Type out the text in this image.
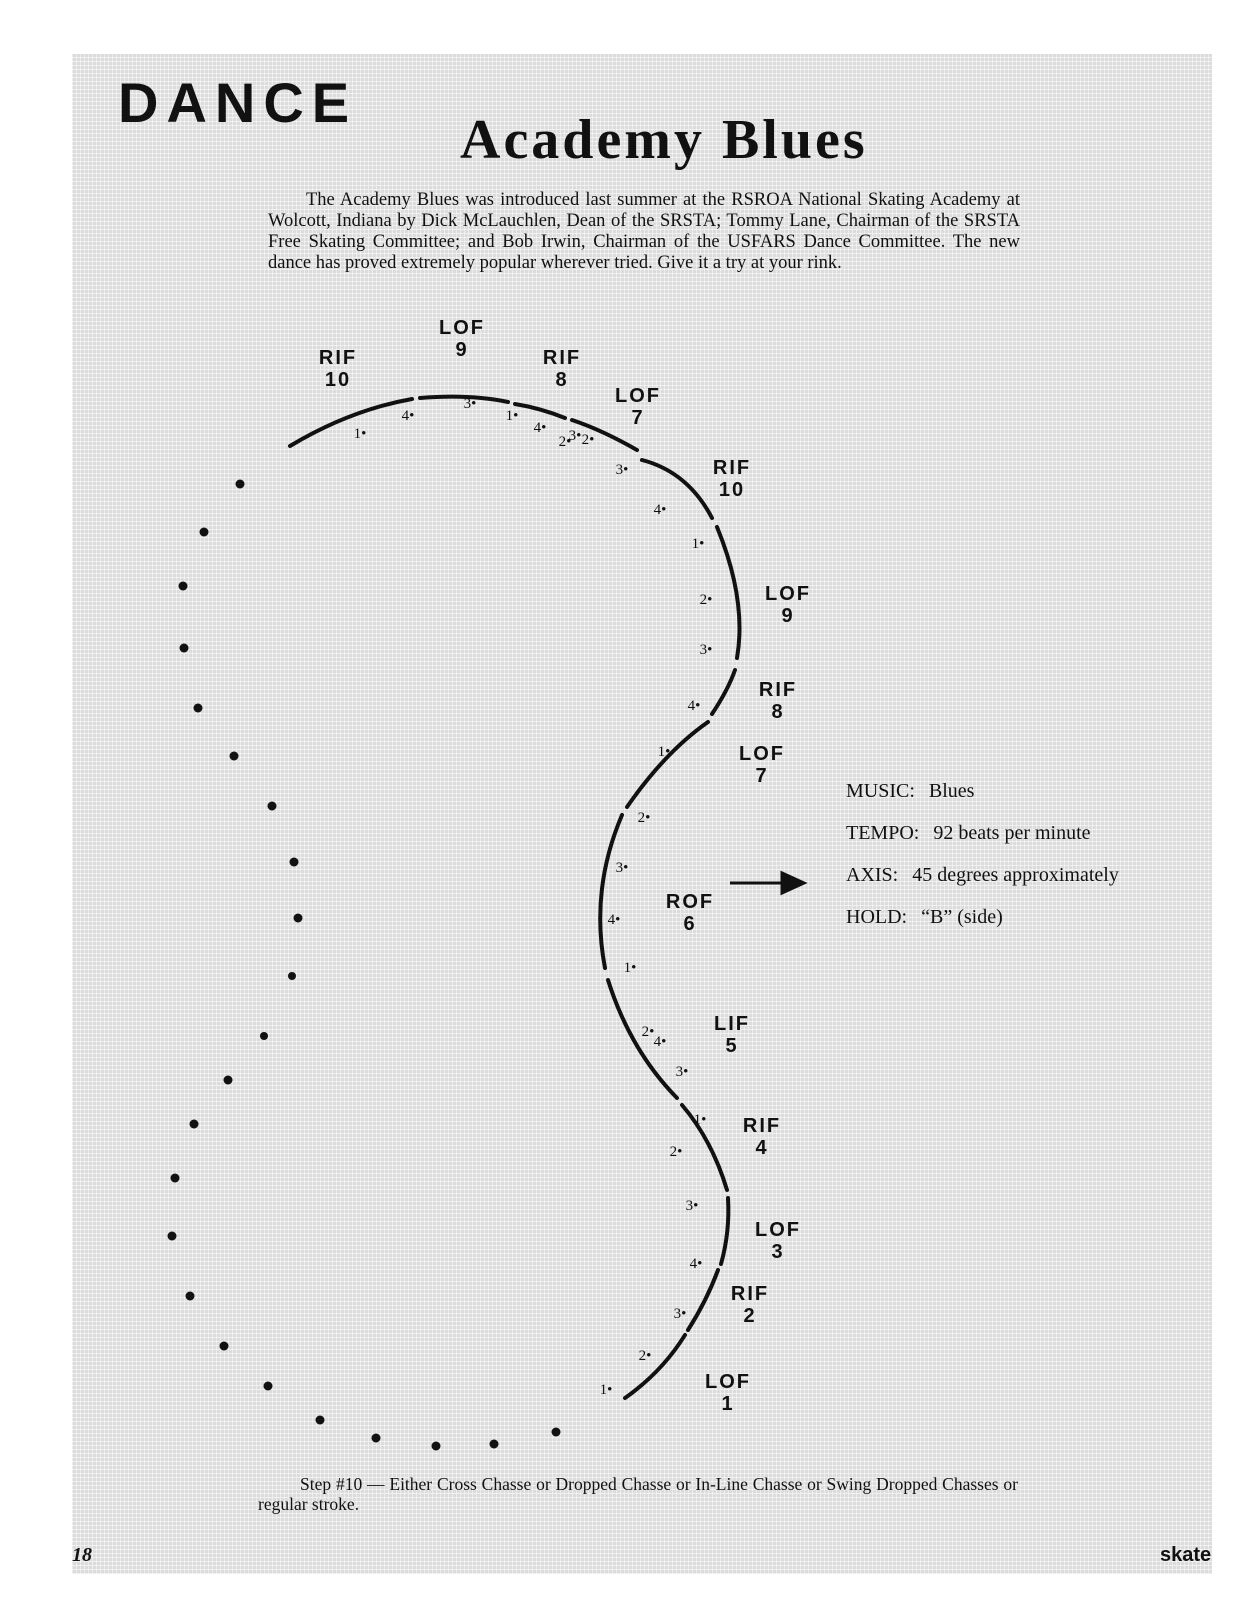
DANCE
Academy Blues
The Academy Blues was introduced last summer at the RSROA National Skating Academy at Wolcott, Indiana by Dick McLauchlen, Dean of the SRSTA; Tommy Lane, Chairman of the SRSTA Free Skating Committee; and Bob Irwin, Chairman of the USFARS Dance Committee. The new dance has proved extremely popular wherever tried. Give it a try at your rink.
1•
2•
3•
4•
3•
2•
1•
4•
3•
2•
1•
4•
3•
2•
1•
4•
3•
2•
1•
4•
3•
2•
1•
3•
4•
1•	2•
3•
4•
LOF
1
RIF
2
LOF
3
RIF
4
LIF
5
ROF
6
LOF
7
RIF
8
LOF
9
RIF
10
LOF
7
RIF
8
LOF
9
RIF
10
MUSIC: Blues
TEMPO: 92 beats per minute
AXIS: 45 degrees approximately
HOLD: “B” (side)
Step #10 — Either Cross Chasse or Dropped Chasse or In-Line Chasse or Swing Dropped Chasses or regular stroke.
18	skate
